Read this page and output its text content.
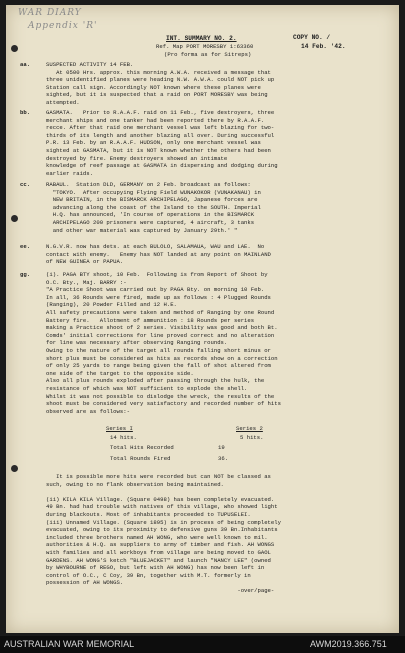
WAR DIARY
Appendix 'R'
INT. SUMMARY NO. 2.	COPY NO. /
Ref. Map PORT MORESBY 1:63360	14 Feb. '42.
(Pro forma as for Sitreps)
aa.	SUSPECTED ACTIVITY 14 FEB.
At 0500 Hrs. approx. this morning A.W.A. received a message that
three unidentified planes were heading N.W. A.W.A. could NOT pick up
Station call sign. Accordingly NOT known where these planes were
sighted, but it is suspected that a raid on PORT MORESBY was being
attempted.
bb.	GASMATA.   Prior to R.A.A.F. raid on 11 Feb., five destroyers, three
merchant ships and one tanker had been reported there by R.A.A.F.
recce. After that raid one merchant vessel was left blazing for two-
thirds of its length and another blazing all over. During successful
P.R. 13 Feb. by an R.A.A.F. HUDSON, only one merchant vessel was
sighted at GASMATA, but it is NOT known whether the others had been
destroyed by fire. Enemy destroyers showed an intimate
knowledge of reef passage at GASMATA in dispersing and dodging during
earlier raids.
cc.	RABAUL.  Station DLD, GERMANY on 2 Feb. broadcast as follows:
"TOKYO.  After occupying Flying Field WUNAKOKOR (VUNAKANAU) in
NEW BRITAIN, in the BISMARCK ARCHIPELAGO, Japanese forces are
advancing along the coast of the Island to the SOUTH. Imperial
H.Q. has announced, 'In course of operations in the BISMARCK
ARCHIPELAGO 200 prisoners were captured, 4 aircraft, 3 tanks
and other war material was captured by January 29th.' "
ee.	N.G.V.R. now has dets. at each BULOLO, SALAMAUA, WAU and LAE.  No
contact with enemy.   Enemy has NOT landed at any point on MAINLAND
of NEW GUINEA or PAPUA.
gg.	(i). PAGA BTY shoot, 10 Feb.  Following is from Report of Shoot by
O.C. Bty., Maj. BARRY :-
"A Practice Shoot was carried out by PAGA Bty. on morning 10 Feb.
In all, 36 Rounds were fired, made up as follows : 4 Plugged Rounds
(Ranging), 20 Powder Filled and 12 H.E.
All safety precautions were taken and method of Ranging by one Round
Battery fire.   Allotment of ammunition : 18 Rounds per series
making a Practice shoot of 2 series. Visibility was good and both Bt.
Comds' initial corrections for line proved correct and no alteration
for line was necessary after observing Ranging rounds.
Owing to the nature of the target all rounds falling short minus or
short plus must be considered as hits as records show on a correction
of only 25 yards to range being given the fall of shot altered from
one side of the target to the opposite side.
Also all plus rounds exploded after passing through the hulk, the
resistance of which was NOT sufficient to explode the shell.
Whilst it was not possible to dislodge the wreck, the results of the
shoot must be considered very satisfactory and recorded number of hits
observed are as follows:-
Series I	Series 2
14 hits.	5 hits.
Total Hits Recorded	19
Total Rounds Fired	36.
It is possible more hits were recorded but can NOT be classed as
such, owing to no flank observation being maintained.
(ii) KILA KILA Village. (Square 0498) has been completely evacuated.
49 Bn. had had trouble with natives of this village, who showed light
during blackouts. Most of inhabitants proceeded to TUPUSELEI.
(iii) Unnamed Village. (Square 1895) is in process of being completely
evacuated, owing to its proximity to defensive guns 39 Bn.Inhabitants
included three brothers named AH WONG, who were well known to mil.
authorities & H.Q. as suppliers to army of timber and fish. AH WONGS
with families and all workboys from village are being moved to GAOL
GARDENS. AH WONG'S ketch "BLUEJACKET" and launch "NANCY LEE" (owned
by WHYBOURNE of REGO, but left with AH WONG) has now been left in
control of O.C., C Coy, 39 Bn, together with M.T. formerly in
possession of AH WONGS.
-over/page-
AUSTRALIAN WAR MEMORIAL	AWM2019.366.751
